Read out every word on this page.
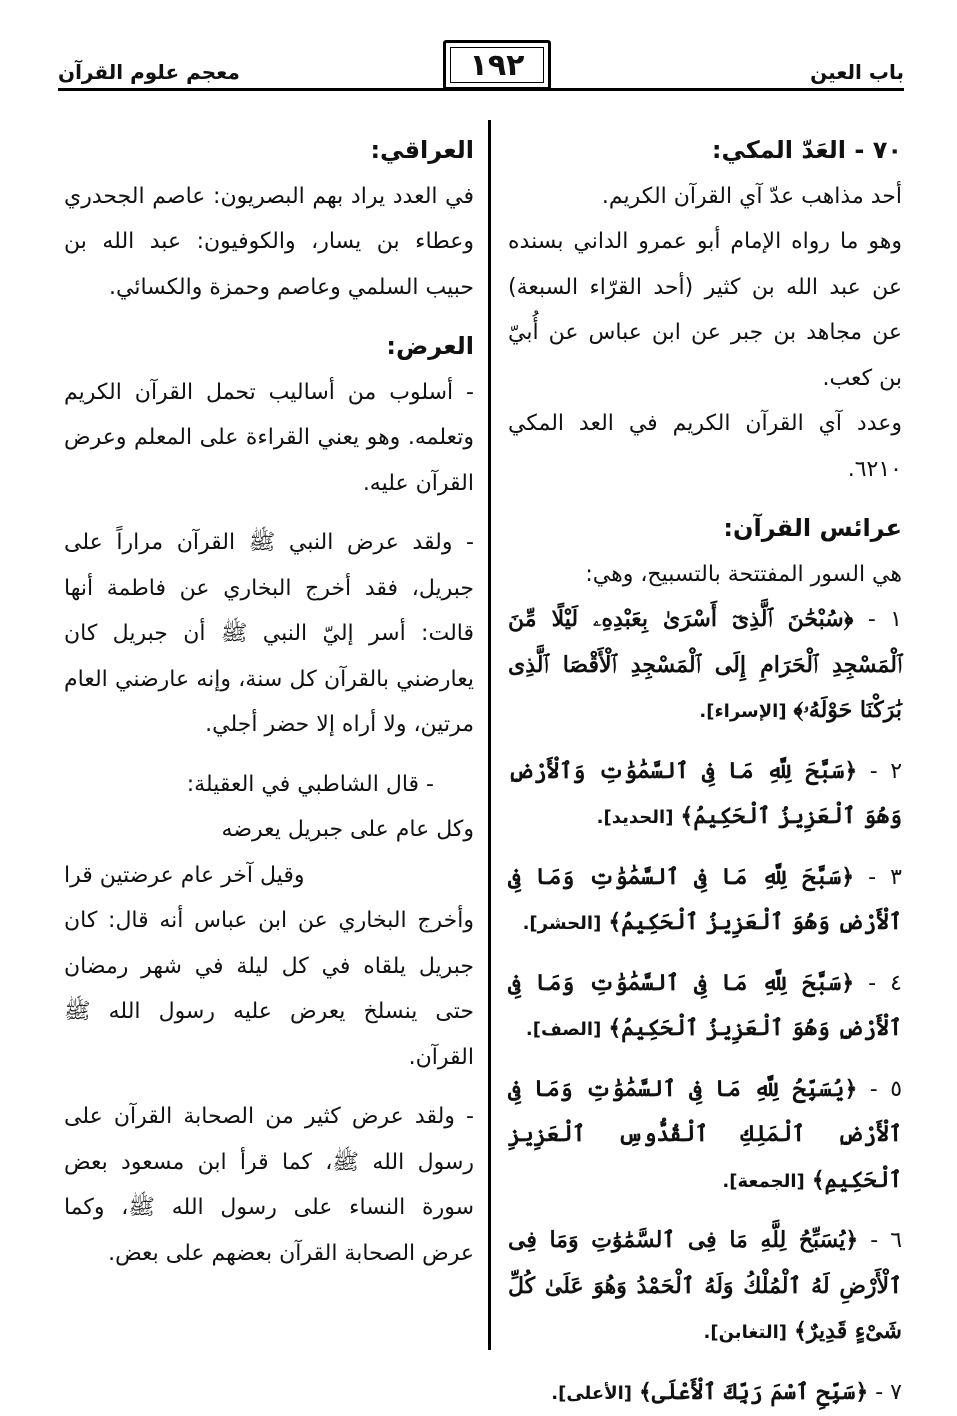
باب العين
١٩٢
معجم علوم القرآن

٧٠ - العَدّ المكي:

أحد مذاهب عدّ آي القرآن الكريم.

وهو ما رواه الإمام أبو عمرو الداني بسنده عن عبد الله بن كثير (أحد القرّاء السبعة) عن مجاهد بن جبر عن ابن عباس عن أُبيّ بن كعب.

وعدد آي القرآن الكريم في العد المكي ٦٢١٠.

عرائس القرآن:

هي السور المفتتحة بالتسبيح، وهي:

١ - ﴿سُبْحَٰنَ ٱلَّذِىٓ أَسْرَىٰ بِعَبْدِهِۦ لَيْلًا مِّنَ ٱلْمَسْجِدِ ٱلْحَرَامِ إِلَى ٱلْمَسْجِدِ ٱلْأَقْصَا ٱلَّذِى بَٰرَكْنَا حَوْلَهُۥ﴾ [الإسراء].

٢ - ﴿سَبَّحَ لِلَّهِ مَا فِى ٱلسَّمَٰوَٰتِ وَٱلْأَرْضِ وَهُوَ ٱلْعَزِيزُ ٱلْحَكِيمُ﴾ [الحديد].

٣ - ﴿سَبَّحَ لِلَّهِ مَا فِى ٱلسَّمَٰوَٰتِ وَمَا فِى ٱلْأَرْضِ وَهُوَ ٱلْعَزِيزُ ٱلْحَكِيمُ﴾ [الحشر].

٤ - ﴿سَبَّحَ لِلَّهِ مَا فِى ٱلسَّمَٰوَٰتِ وَمَا فِى ٱلْأَرْضِ وَهُوَ ٱلْعَزِيزُ ٱلْحَكِيمُ﴾ [الصف].

٥ - ﴿يُسَبِّحُ لِلَّهِ مَا فِى ٱلسَّمَٰوَٰتِ وَمَا فِى ٱلْأَرْضِ ٱلْمَلِكِ ٱلْقُدُّوسِ ٱلْعَزِيزِ ٱلْحَكِيمِ﴾ [الجمعة].

٦ - ﴿يُسَبِّحُ لِلَّهِ مَا فِى ٱلسَّمَٰوَٰتِ وَمَا فِى ٱلْأَرْضِ لَهُ ٱلْمُلْكُ وَلَهُ ٱلْحَمْدُ وَهُوَ عَلَىٰ كُلِّ شَىْءٍ قَدِيرٌ﴾ [التغابن].

٧ - ﴿سَبِّحِ ٱسْمَ رَبِّكَ ٱلْأَعْلَى﴾ [الأعلى].

العراقي:

في العدد يراد بهم البصريون: عاصم الجحدري وعطاء بن يسار، والكوفيون: عبد الله بن حبيب السلمي وعاصم وحمزة والكسائي.

العرض:

- أسلوب من أساليب تحمل القرآن الكريم وتعلمه. وهو يعني القراءة على المعلم وعرض القرآن عليه.

- ولقد عرض النبي ﷺ القرآن مراراً على جبريل، فقد أخرج البخاري عن فاطمة أنها قالت: أسر إليّ النبي ﷺ أن جبريل كان يعارضني بالقرآن كل سنة، وإنه عارضني العام مرتين، ولا أراه إلا حضر أجلي.

- قال الشاطبي في العقيلة:

وكل عام على جبريل يعرضه

وقيل آخر عام عرضتين قرا

وأخرج البخاري عن ابن عباس أنه قال: كان جبريل يلقاه في كل ليلة في شهر رمضان حتى ينسلخ يعرض عليه رسول الله ﷺ القرآن.

- ولقد عرض كثير من الصحابة القرآن على رسول الله ﷺ، كما قرأ ابن مسعود بعض سورة النساء على رسول الله ﷺ، وكما عرض الصحابة القرآن بعضهم على بعض.
